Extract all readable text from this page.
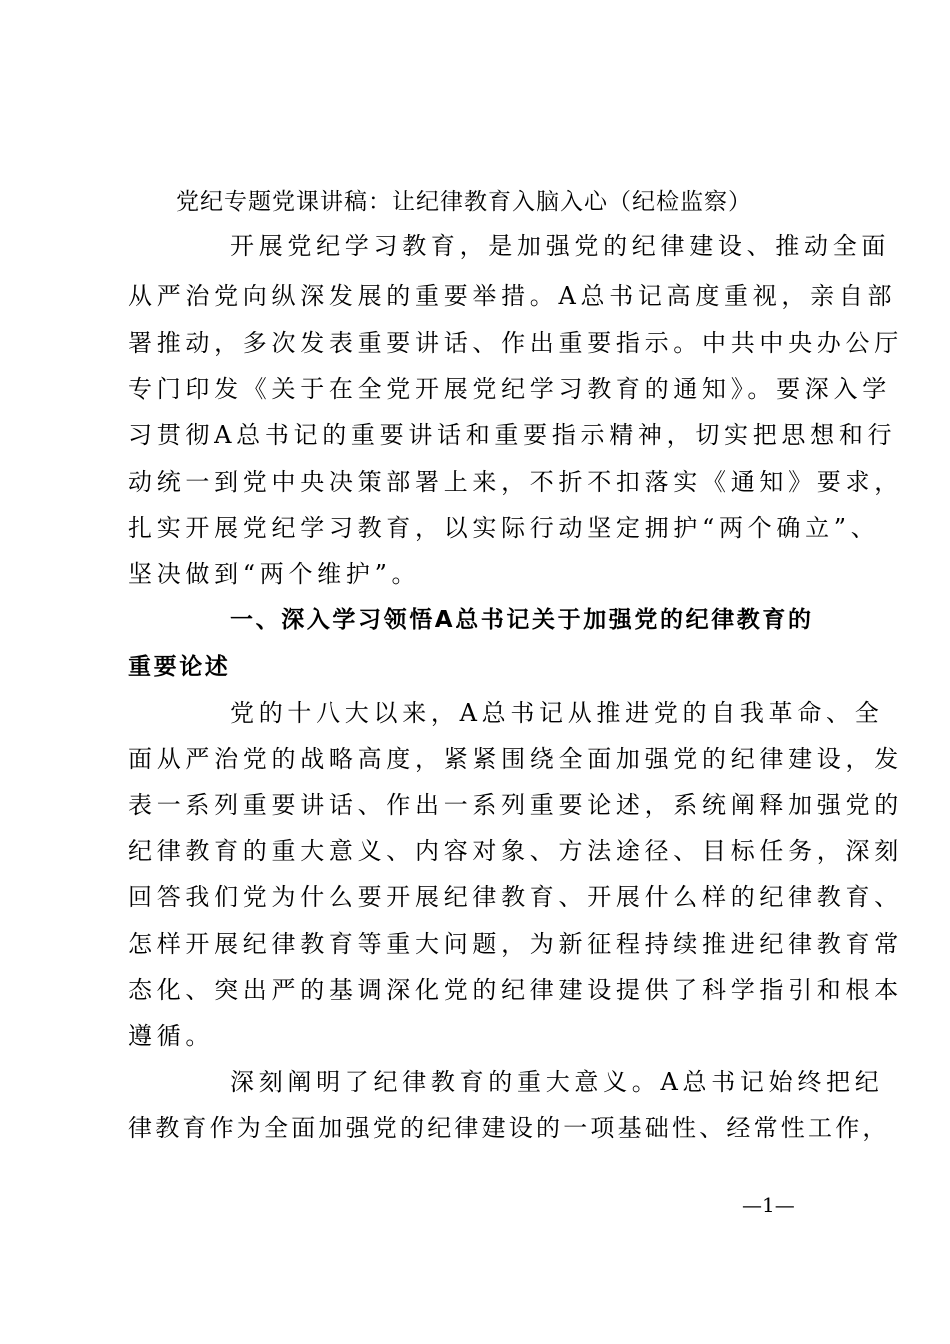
党纪专题党课讲稿：让纪律教育入脑入心（纪检监察）
开展党纪学习教育，是加强党的纪律建设、推动全面
从严治党向纵深发展的重要举措。A总书记高度重视，亲自部
署推动，多次发表重要讲话、作出重要指示。中共中央办公厅
专门印发《关于在全党开展党纪学习教育的通知》。要深入学
习贯彻A总书记的重要讲话和重要指示精神，切实把思想和行
动统一到党中央决策部署上来，不折不扣落实《通知》要求，
扎实开展党纪学习教育，以实际行动坚定拥护“两个确立”、
坚决做到“两个维护”。
一、深入学习领悟A总书记关于加强党的纪律教育的
重要论述
党的十八大以来，A总书记从推进党的自我革命、全
面从严治党的战略高度，紧紧围绕全面加强党的纪律建设，发
表一系列重要讲话、作出一系列重要论述，系统阐释加强党的
纪律教育的重大意义、内容对象、方法途径、目标任务，深刻
回答我们党为什么要开展纪律教育、开展什么样的纪律教育、
怎样开展纪律教育等重大问题，为新征程持续推进纪律教育常
态化、突出严的基调深化党的纪律建设提供了科学指引和根本
遵循。
深刻阐明了纪律教育的重大意义。A总书记始终把纪
律教育作为全面加强党的纪律建设的一项基础性、经常性工作，
—1—
